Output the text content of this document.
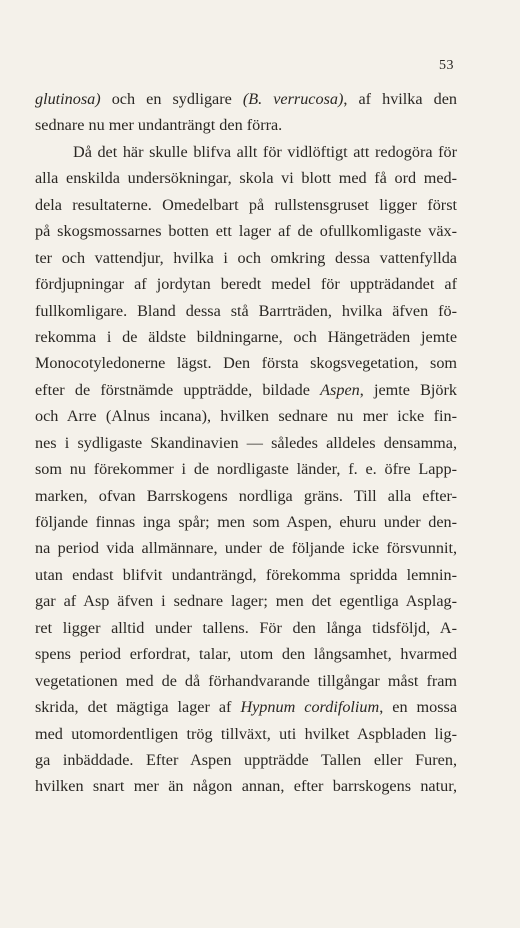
53
glutinosa) och en sydligare (B. verrucosa), af hvilka den
sednare nu mer undanträngt den förra.
Då det här skulle blifva allt för vidlöftigt att redogöra för
alla enskilda undersökningar, skola vi blott med få ord med-
dela resultaterne. Omedelbart på rullstensgruset ligger först
på skogsmossarnes botten ett lager af de ofullkomligaste väx-
ter och vattendjur, hvilka i och omkring dessa vattenfyllda
fördjupningar af jordytan beredt medel för uppträdandet af
fullkomligare. Bland dessa stå Barrträden, hvilka äfven fö-
rekomma i de äldste bildningarne, och Hängeträden jemte
Monocotyledonerne lägst. Den första skogsvegetation, som
efter de förstnämde uppträdde, bildade Aspen, jemte Björk
och Arre (Alnus incana), hvilken sednare nu mer icke fin-
nes i sydligaste Skandinavien — således alldeles densamma,
som nu förekommer i de nordligaste länder, f. e. öfre Lapp-
marken, ofvan Barrskogens nordliga gräns. Till alla efter-
följande finnas inga spår; men som Aspen, ehuru under den-
na period vida allmännare, under de följande icke försvunnit,
utan endast blifvit undanträngd, förekomma spridda lemnin-
gar af Asp äfven i sednare lager; men det egentliga Asplag-
ret ligger alltid under tallens. För den långa tidsföljd, A-
spens period erfordrat, talar, utom den långsamhet, hvarmed
vegetationen med de då förhandvarande tillgångar måst fram
skrida, det mägtiga lager af Hypnum cordifolium, en mossa
med utomordentligen trög tillväxt, uti hvilket Aspbladen lig-
ga inbäddade. Efter Aspen uppträdde Tallen eller Furen,
hvilken snart mer än någon annan, efter barrskogens natur,
